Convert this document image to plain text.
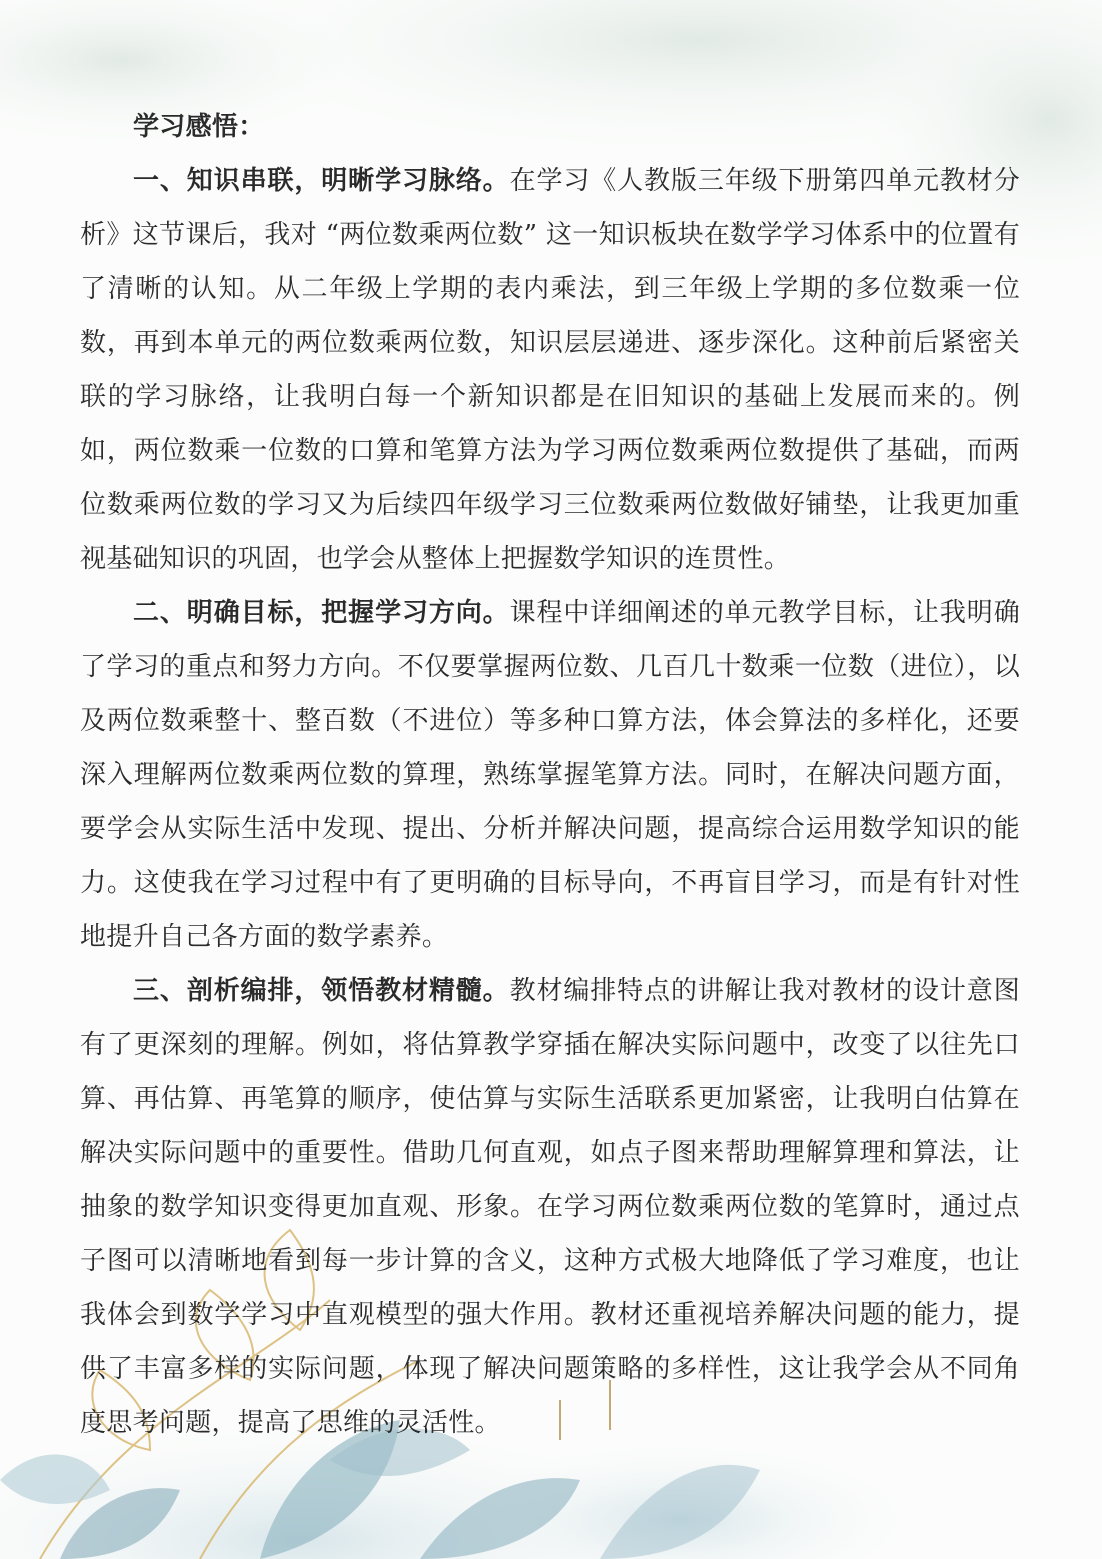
学习感悟：

一、知识串联，明晰学习脉络。在学习《人教版三年级下册第四单元教材分析》这节课后，我对 “两位数乘两位数” 这一知识板块在数学学习体系中的位置有了清晰的认知。从二年级上学期的表内乘法，到三年级上学期的多位数乘一位数，再到本单元的两位数乘两位数，知识层层递进、逐步深化。这种前后紧密关联的学习脉络，让我明白每一个新知识都是在旧知识的基础上发展而来的。例如，两位数乘一位数的口算和笔算方法为学习两位数乘两位数提供了基础，而两位数乘两位数的学习又为后续四年级学习三位数乘两位数做好铺垫，让我更加重视基础知识的巩固，也学会从整体上把握数学知识的连贯性。

二、明确目标，把握学习方向。课程中详细阐述的单元教学目标，让我明确了学习的重点和努力方向。不仅要掌握两位数、几百几十数乘一位数（进位），以及两位数乘整十、整百数（不进位）等多种口算方法，体会算法的多样化，还要深入理解两位数乘两位数的算理，熟练掌握笔算方法。同时，在解决问题方面，要学会从实际生活中发现、提出、分析并解决问题，提高综合运用数学知识的能力。这使我在学习过程中有了更明确的目标导向，不再盲目学习，而是有针对性地提升自己各方面的数学素养。

三、剖析编排，领悟教材精髓。教材编排特点的讲解让我对教材的设计意图有了更深刻的理解。例如，将估算教学穿插在解决实际问题中，改变了以往先口算、再估算、再笔算的顺序，使估算与实际生活联系更加紧密，让我明白估算在解决实际问题中的重要性。借助几何直观，如点子图来帮助理解算理和算法，让抽象的数学知识变得更加直观、形象。在学习两位数乘两位数的笔算时，通过点子图可以清晰地看到每一步计算的含义，这种方式极大地降低了学习难度，也让我体会到数学学习中直观模型的强大作用。教材还重视培养解决问题的能力，提供了丰富多样的实际问题，体现了解决问题策略的多样性，这让我学会从不同角度思考问题，提高了思维的灵活性。
